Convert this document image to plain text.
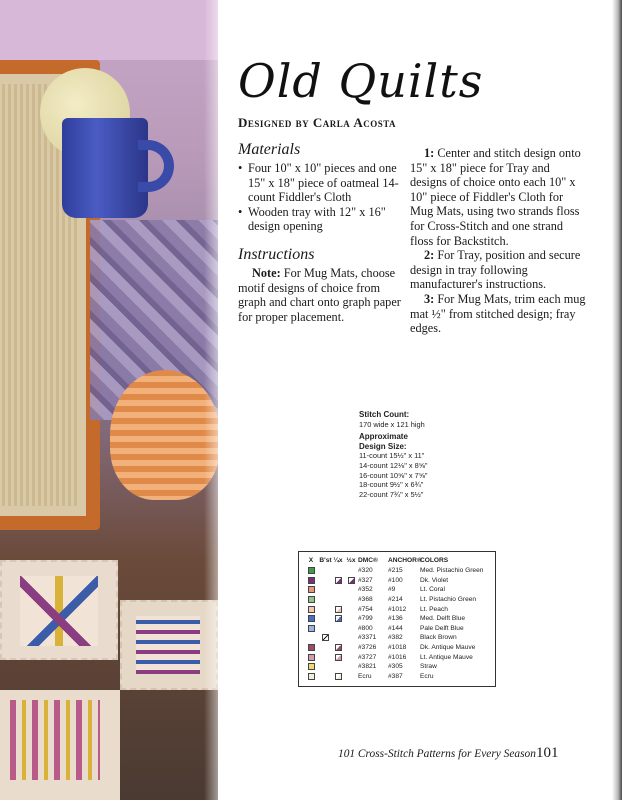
Old Quilts
Designed by Carla Acosta
Materials
• Four 10" x 10" pieces and one 15" x 18" piece of oatmeal 14-count Fiddler's Cloth
• Wooden tray with 12" x 16" design opening
Instructions

Note: For Mug Mats, choose motif designs of choice from graph and chart onto graph paper for proper placement.

1: Center and stitch design onto 15" x 18" piece for Tray and designs of choice onto each 10" x 10" piece of Fiddler's Cloth for Mug Mats, using two strands floss for Cross-Stitch and one strand floss for Backstitch.

2: For Tray, position and secure design in tray following manufacturer's instructions.

3: For Mug Mats, trim each mug mat ½" from stitched design; fray edges.

Stitch Count:
170 wide x 121 high
Approximate
Design Size:
11-count 15½" x 11"
14-count 12⅛" x 8⅝"
16-count 10⅝" x 7⅝"
18-count 9½" x 6¾"
22-count 7¾" x 5½"
X B'st ¼x ½x DMC®	ANCHOR®
COLORS
#320	#215	Med. Pistachio Green
#327	#100	Dk. Violet
#352	#9	Lt. Coral
#368	#214	Lt. Pistachio Green
#754	#1012	Lt. Peach
#799	#136	Med. Delft Blue
#800	#144	Pale Delft Blue
#3371	#382	Black Brown
#3726	#1018	Dk. Antique Mauve
#3727	#1016	Lt. Antique Mauve
#3821	#305	Straw
Ecru	#387	Ecru
101 Cross-Stitch Patterns for Every Season 101
